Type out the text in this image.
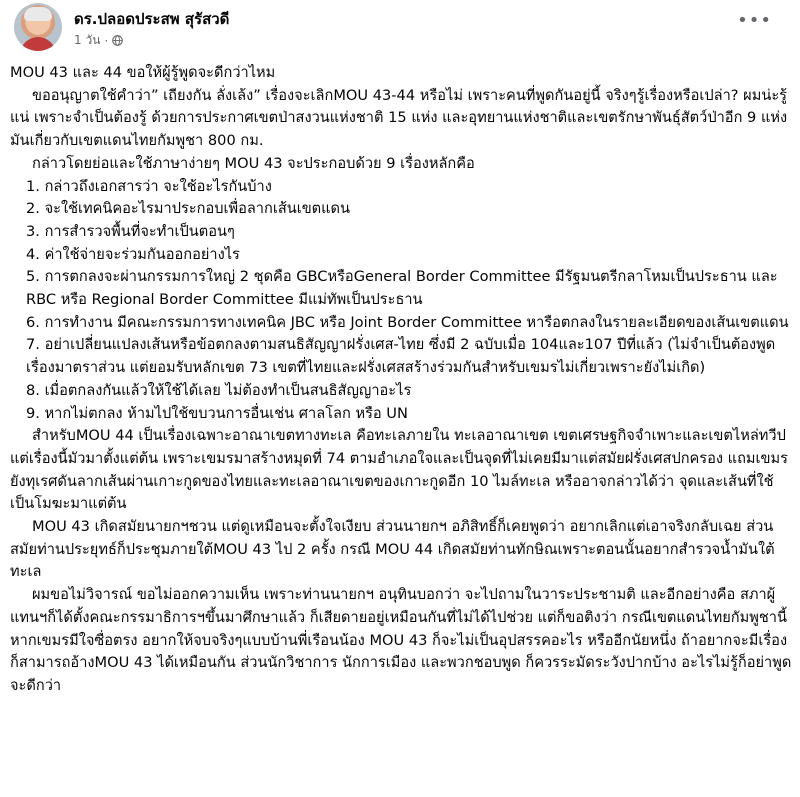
ดร.ปลอดประสพ สุรัสวดี
1 วัน ·
•••

MOU 43 และ 44 ขอให้ผู้รู้พูดจะดีกว่าไหม

ขออนุญาตใช้คำว่า” เถียงกัน ลั่งเล้ง” เรื่องจะเลิกMOU 43-44 หรือไม่ เพราะคนที่พูดกันอยู่นี้ จริงๆรู้เรื่องหรือเปล่า? ผมน่ะรู้แน่ เพราะจำเป็นต้องรู้ ด้วยการประกาศเขตป่าสงวนแห่งชาติ 15 แห่ง และอุทยานแห่งชาติและเขตรักษาพันธุ์สัตว์ป่าอีก 9 แห่ง มันเกี่ยวกับเขตแดนไทยกัมพูชา 800 กม.

กล่าวโดยย่อและใช้ภาษาง่ายๆ MOU 43 จะประกอบด้วย 9 เรื่องหลักคือ

1. กล่าวถึงเอกสารว่า จะใช้อะไรกันบ้าง

2. จะใช้เทคนิคอะไรมาประกอบเพื่อลากเส้นเขตแดน

3. การสำรวจพื้นที่จะทำเป็นตอนๆ

4. ค่าใช้จ่ายจะร่วมกันออกอย่างไร

5. การตกลงจะผ่านกรรมการใหญ่ 2 ชุดคือ GBCหรือGeneral Border Committee มีรัฐมนตรีกลาโหมเป็นประธาน และ RBC หรือ Regional Border Committee มีแม่ทัพเป็นประธาน

6. การทำงาน มีคณะกรรมการทางเทคนิค JBC หรือ Joint Border Committee หารือตกลงในรายละเอียดของเส้นเขตแดน

7. อย่าเปลี่ยนแปลงเส้นหรือข้อตกลงตามสนธิสัญญาฝรั่งเศส-ไทย ซึ่งมี 2 ฉบับเมื่อ 104และ107 ปีที่แล้ว (ไม่จำเป็นต้องพูดเรื่องมาตราส่วน แต่ยอมรับหลักเขต 73 เขตที่ไทยและฝรั่งเศสสร้างร่วมกันสำหรับเขมรไม่เกี่ยวเพราะยังไม่เกิด)

8. เมื่อตกลงกันแล้วให้ใช้ได้เลย ไม่ต้องทำเป็นสนธิสัญญาอะไร

9. หากไม่ตกลง ห้ามไปใช้ขบวนการอื่นเช่น ศาลโลก หรือ UN

สำหรับMOU 44 เป็นเรื่องเฉพาะอาณาเขตทางทะเล คือทะเลภายใน ทะเลอาณาเขต เขตเศรษฐกิจจำเพาะและเขตไหล่ทวีป แต่เรื่องนี้มัวมาตั้งแต่ต้น เพราะเขมรมาสร้างหมุดที่ 74 ตามอำเภอใจและเป็นจุดที่ไม่เคยมีมาแต่สมัยฝรั่งเศสปกครอง แถมเขมรยังทุเรศดันลากเส้นผ่านเกาะกูดของไทยและทะเลอาณาเขตของเกาะกูดอีก 10 ไมล์ทะเล หรืออาจกล่าวได้ว่า จุดและเส้นที่ใช้เป็นโมฆะมาแต่ต้น

MOU 43 เกิดสมัยนายกฯชวน แต่ดูเหมือนจะตั้งใจเงียบ ส่วนนายกฯ อภิสิทธิ์ก็เคยพูดว่า อยากเลิกแต่เอาจริงกลับเฉย ส่วนสมัยท่านประยุทธ์ก็ประชุมภายใต้MOU 43 ไป 2 ครั้ง กรณี MOU 44 เกิดสมัยท่านทักษิณเพราะตอนนั้นอยากสำรวจน้ำมันใต้ทะเล

ผมขอไม่วิจารณ์ ขอไม่ออกความเห็น เพราะท่านนายกฯ อนุทินบอกว่า จะไปถามในวาระประชามติ และอีกอย่างคือ สภาผู้แทนฯก็ได้ตั้งคณะกรรมาธิการฯขึ้นมาศึกษาแล้ว ก็เสียดายอยู่เหมือนกันที่ไม่ได้ไปช่วย แต่ก็ขอติงว่า กรณีเขตแดนไทยกัมพูชานี้ หากเขมรมีใจซื่อตรง อยากให้จบจริงๆแบบบ้านพี่เรือนน้อง MOU 43 ก็จะไม่เป็นอุปสรรคอะไร หรืออีกนัยหนึ่ง ถ้าอยากจะมีเรื่องก็สามารถอ้างMOU 43 ได้เหมือนกัน ส่วนนักวิชาการ นักการเมือง และพวกชอบพูด ก็ควรระมัดระวังปากบ้าง อะไรไม่รู้ก็อย่าพูดจะดีกว่า
